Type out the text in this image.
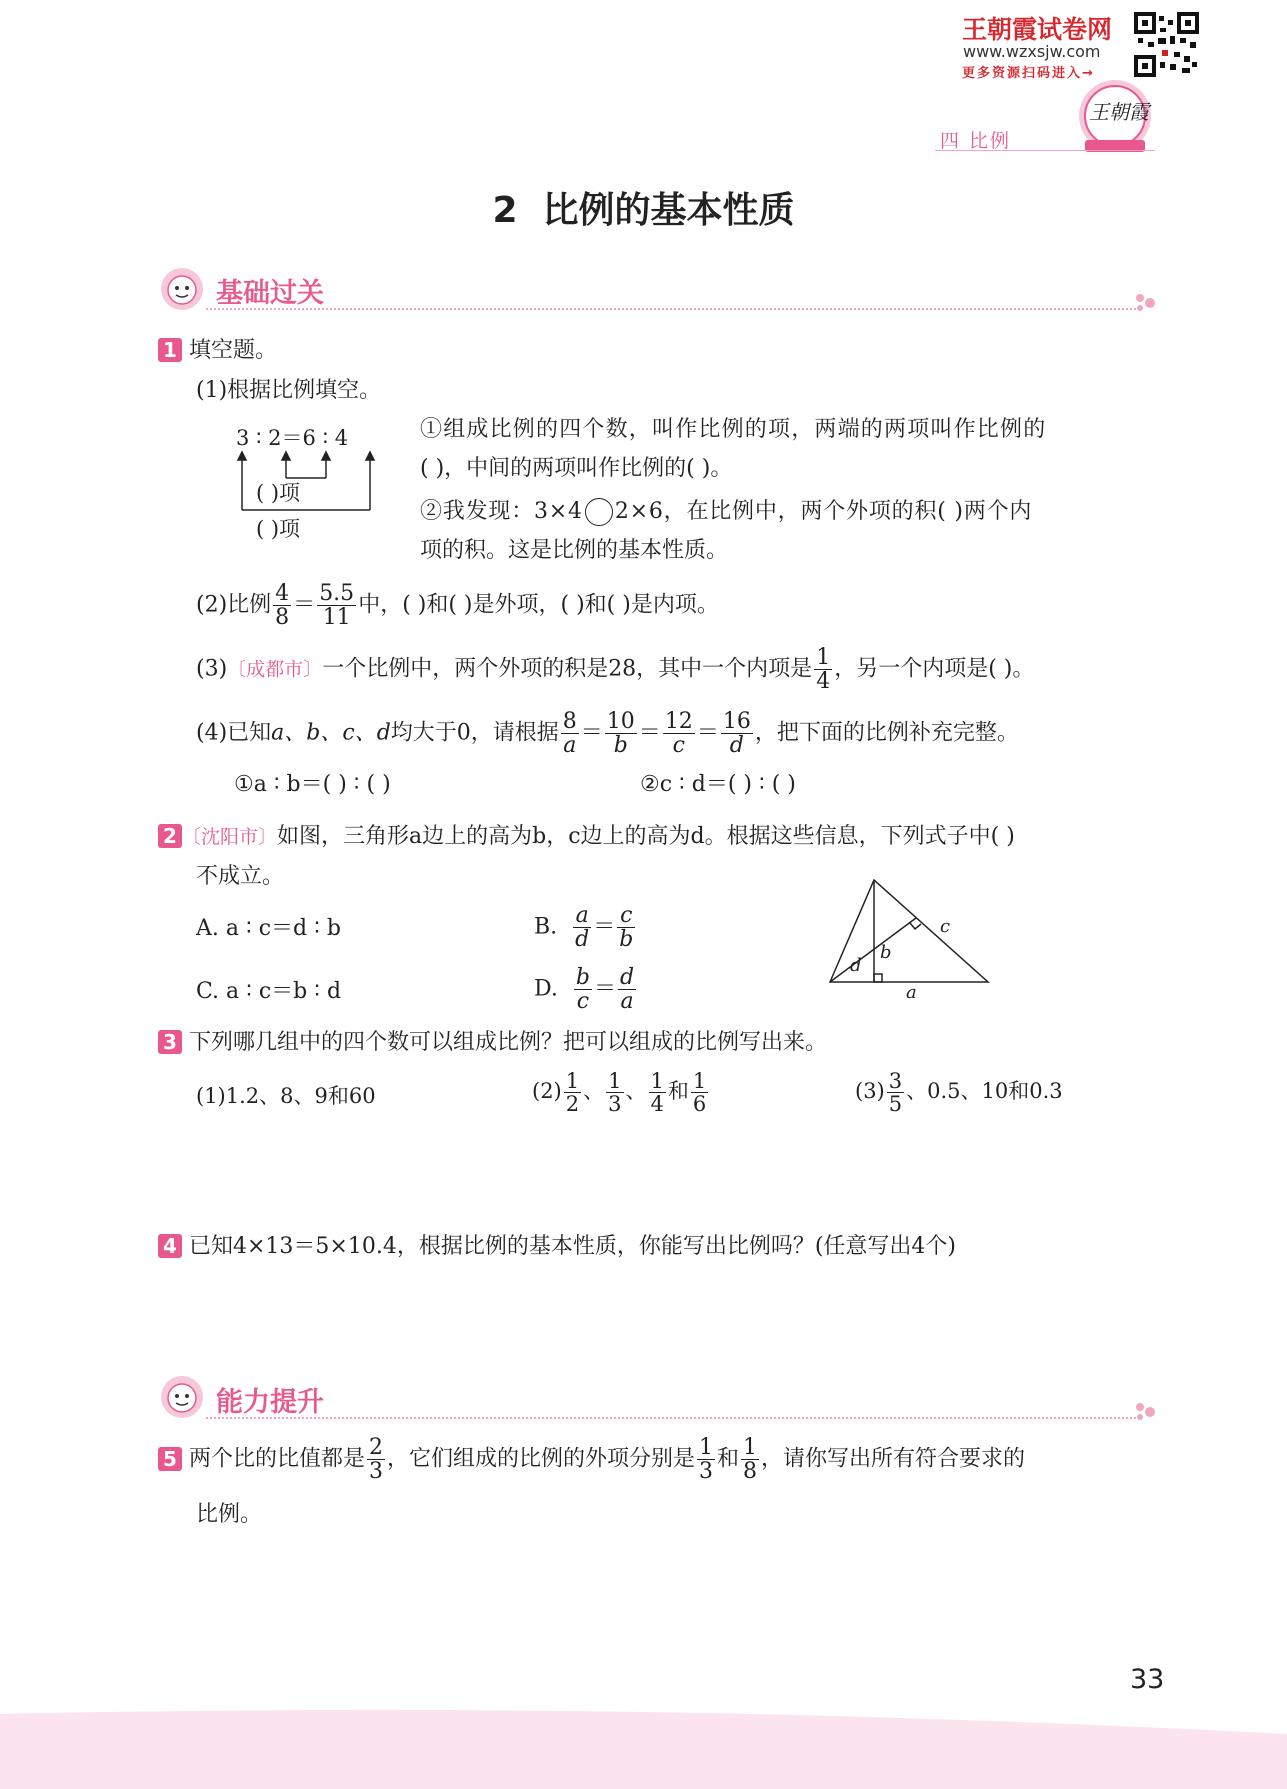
王朝霞试卷网
www.wzxsjw.com
更多资源扫码进入→
王朝霞
四 比例
2  比例的基本性质
基础过关
1 填空题。
(1)根据比例填空。
3 ∶ 2＝6 ∶ 4
( )项
( )项
①组成比例的四个数，叫作比例的项，两端的两项叫作比例的
( )，中间的两项叫作比例的( )。
②我发现：3×4 2×6，在比例中，两个外项的积( )两个内
项的积。这是比例的基本性质。
(2)比例 $\frac{4}{8} = \frac{5.5}{11}$ 中，( )和( )是外项，( )和( )是内项。
(3)〔成都市〕一个比例中，两个外项的积是28，其中一个内项是 $\frac{1}{4}$ ，另一个内项是( )。
(4)已知a、b、c、d均大于0，请根据 $\frac{8}{a} = \frac{10}{b} = \frac{12}{c} = \frac{16}{d}$ ，把下面的比例补充完整。
①a ∶ b＝( ) ∶ ( )	②c ∶ d＝( ) ∶ ( )
2 〔沈阳市〕如图，三角形a边上的高为b，c边上的高为d。根据这些信息，下列式子中( )
不成立。
A. a ∶ c＝d ∶ b	B. $\frac{a}{d} = \frac{c}{b}$
C. a ∶ c＝b ∶ d	D. $\frac{b}{c} = \frac{d}{a}$
c
b
d
a
3 下列哪几组中的四个数可以组成比例？把可以组成的比例写出来。
(1)1.2、8、9和60	$(2) \frac{1}{2}$ 、 $\frac{1}{3}$ 、 $\frac{1}{4}$ 和 $\frac{1}{6}$	$(3) \frac{3}{5}$ 、0.5、10和0.3
4 已知4×13＝5×10.4，根据比例的基本性质，你能写出比例吗？(任意写出4个)
能力提升
5 两个比的比值都是 $\frac{2}{3}$ ，它们组成的比例的外项分别是 $\frac{1}{3}$ 和 $\frac{1}{8}$ ，请你写出所有符合要求的
比例。
33
